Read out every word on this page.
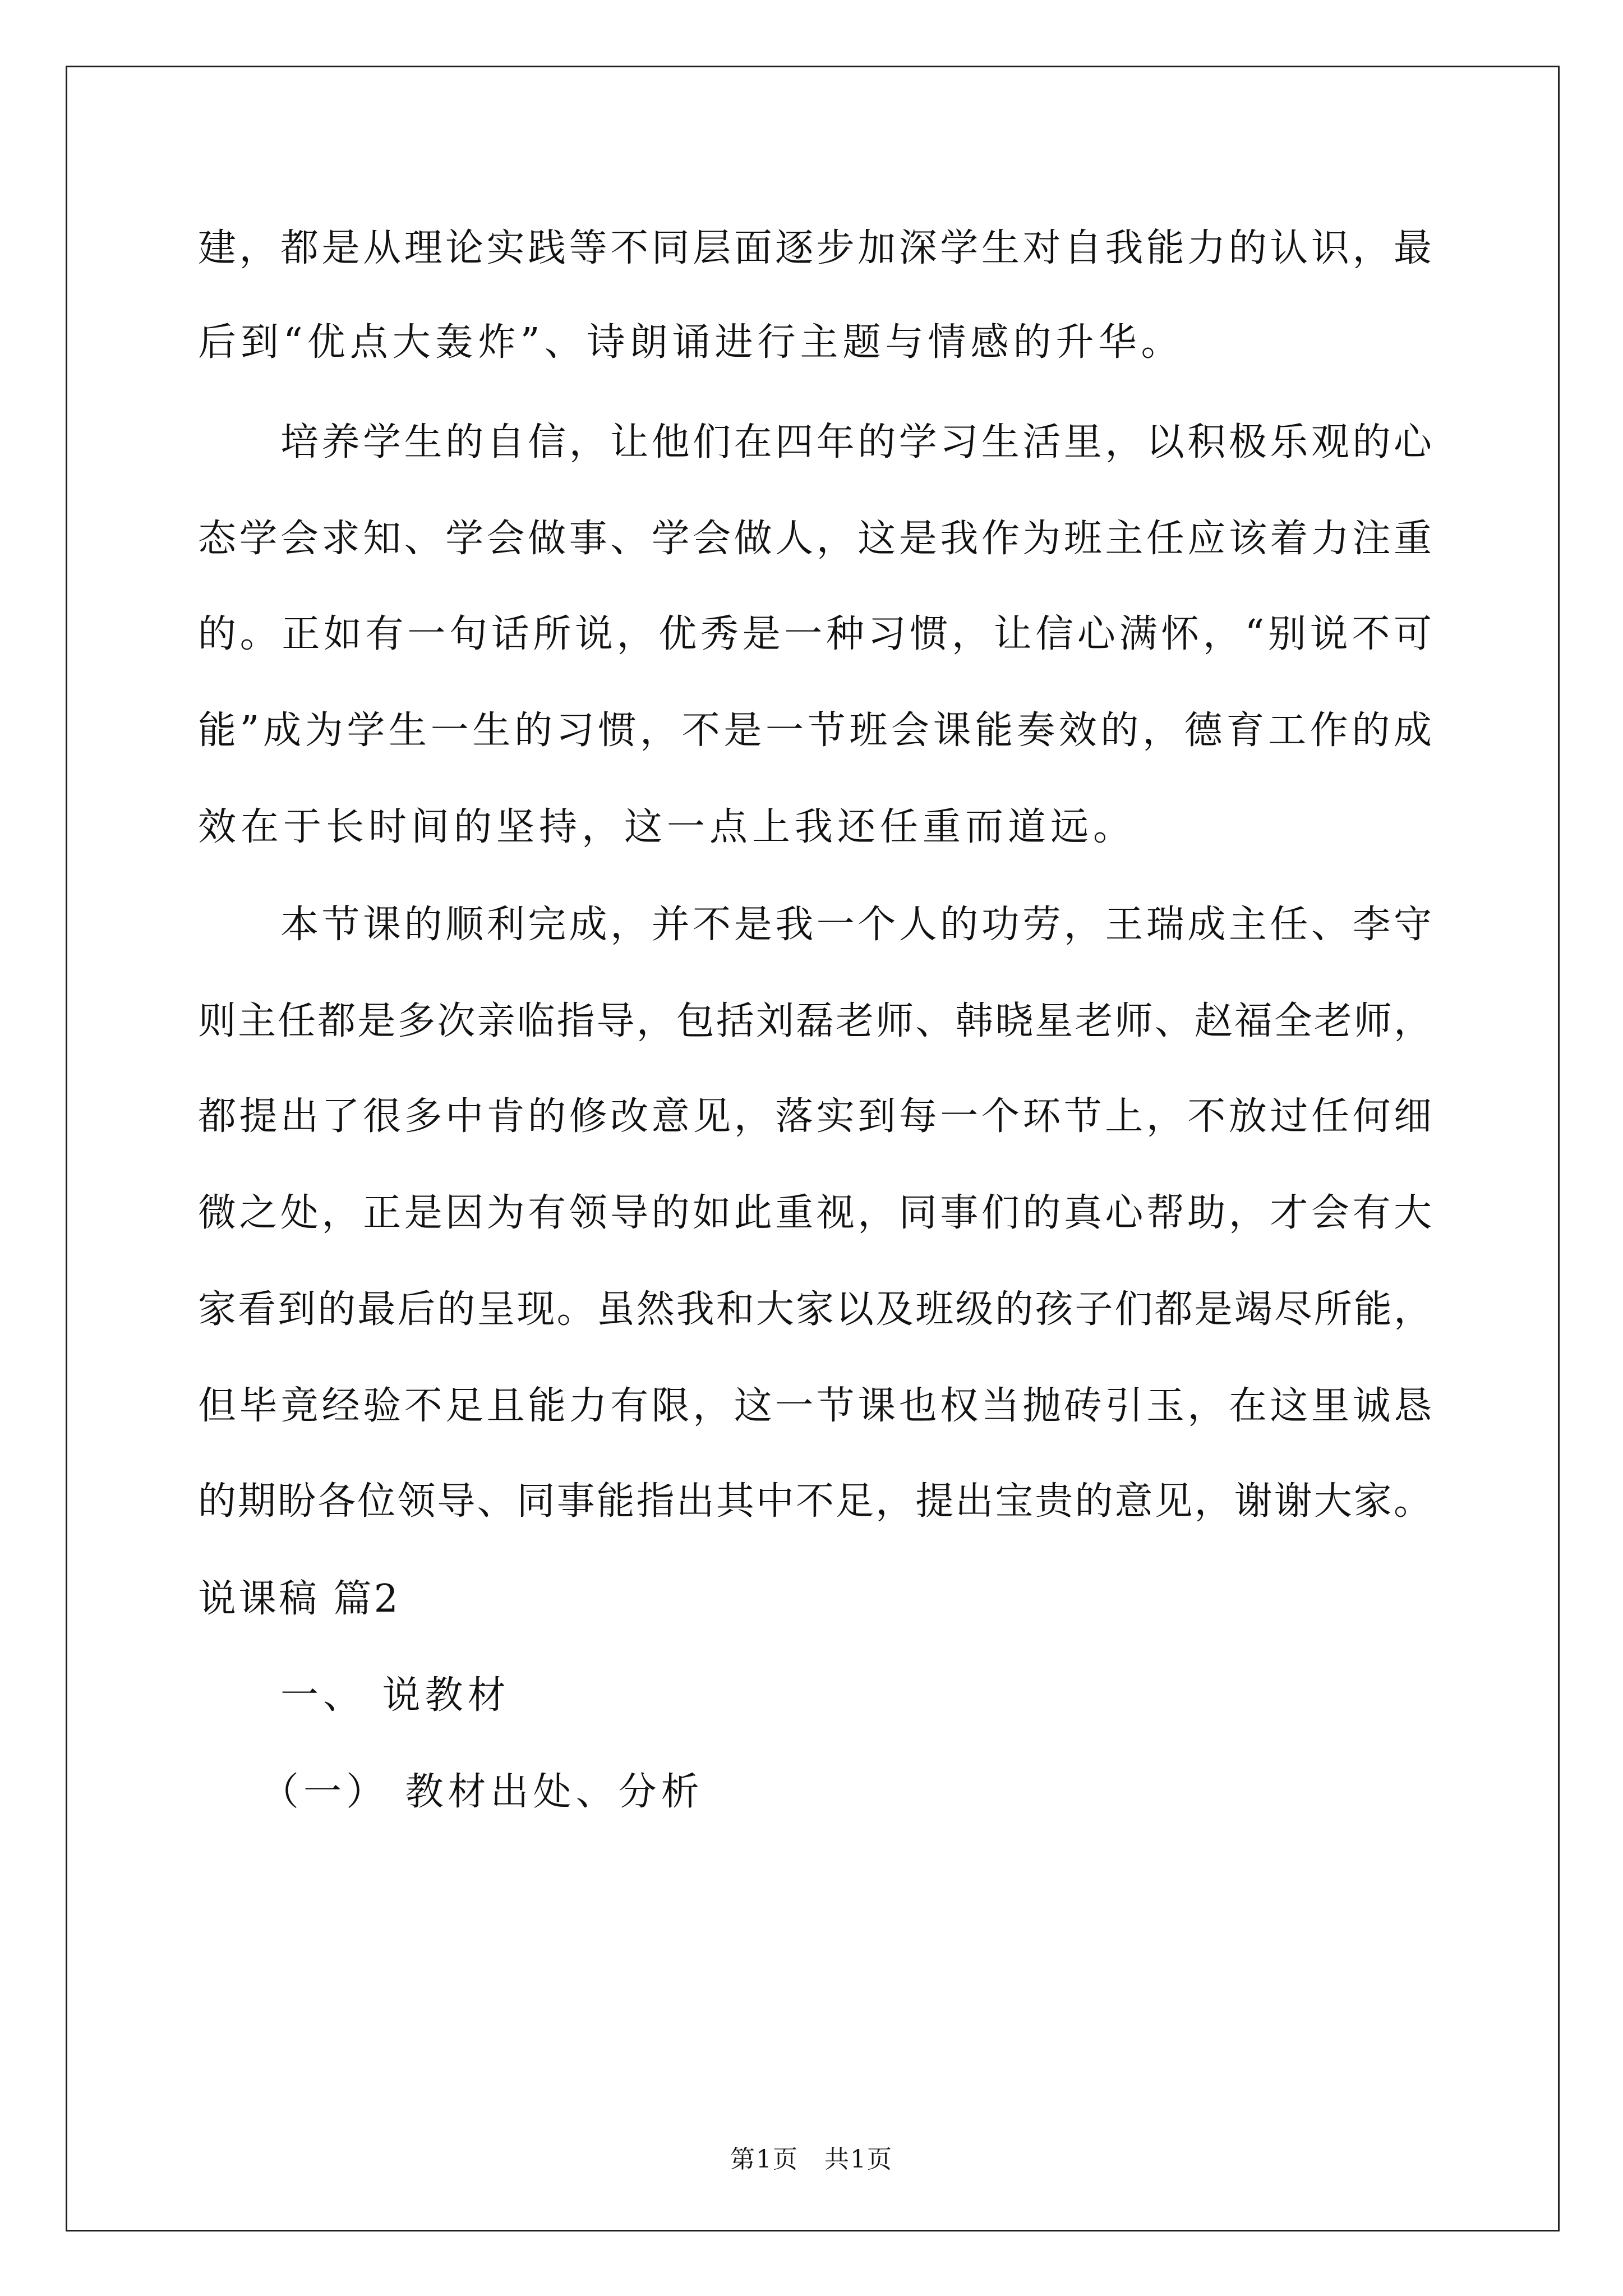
建，都是从理论实践等不同层面逐步加深学生对自我能力的认识，最
后到“优点大轰炸”、诗朗诵进行主题与情感的升华。
培养学生的自信，让他们在四年的学习生活里，以积极乐观的心
态学会求知、学会做事、学会做人，这是我作为班主任应该着力注重
的。正如有一句话所说，优秀是一种习惯，让信心满怀，“别说不可
能”成为学生一生的习惯，不是一节班会课能奏效的，德育工作的成
效在于长时间的坚持，这一点上我还任重而道远。
本节课的顺利完成，并不是我一个人的功劳，王瑞成主任、李守
则主任都是多次亲临指导，包括刘磊老师、韩晓星老师、赵福全老师，
都提出了很多中肯的修改意见，落实到每一个环节上，不放过任何细
微之处，正是因为有领导的如此重视，同事们的真心帮助，才会有大
家看到的最后的呈现。虽然我和大家以及班级的孩子们都是竭尽所能，
但毕竟经验不足且能力有限，这一节课也权当抛砖引玉，在这里诚恳
的期盼各位领导、同事能指出其中不足，提出宝贵的意见，谢谢大家。
说课稿 篇2
一、 说教材
（一） 教材出处、分析
第1页　共1页
